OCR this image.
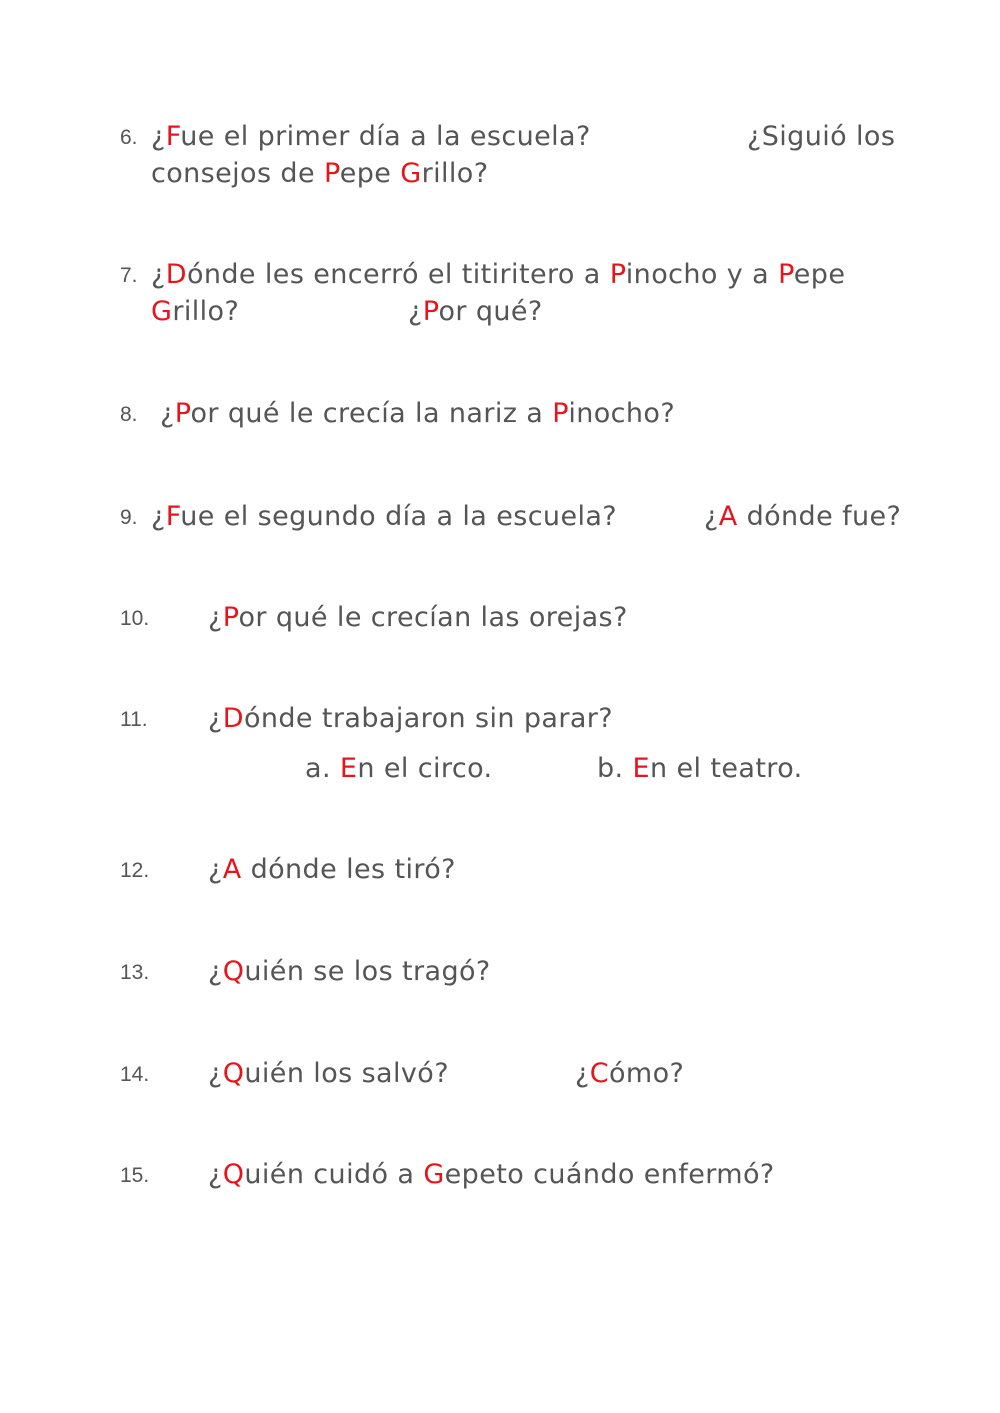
6. ¿Fue el primer día a la escuela?	¿Siguió los
consejos de Pepe Grillo?
7. ¿Dónde les encerró el titiritero a Pinocho y a Pepe
Grillo?	¿Por qué?
8. ¿Por qué le crecía la nariz a Pinocho?
9. ¿Fue el segundo día a la escuela?	¿A dónde fue?
10. ¿Por qué le crecían las orejas?
11. ¿Dónde trabajaron sin parar?
a. En el circo.	b. En el teatro.
12. ¿A dónde les tiró?
13. ¿Quién se los tragó?
14. ¿Quién los salvó?	¿Cómo?
15. ¿Quién cuidó a Gepeto cuándo enfermó?
